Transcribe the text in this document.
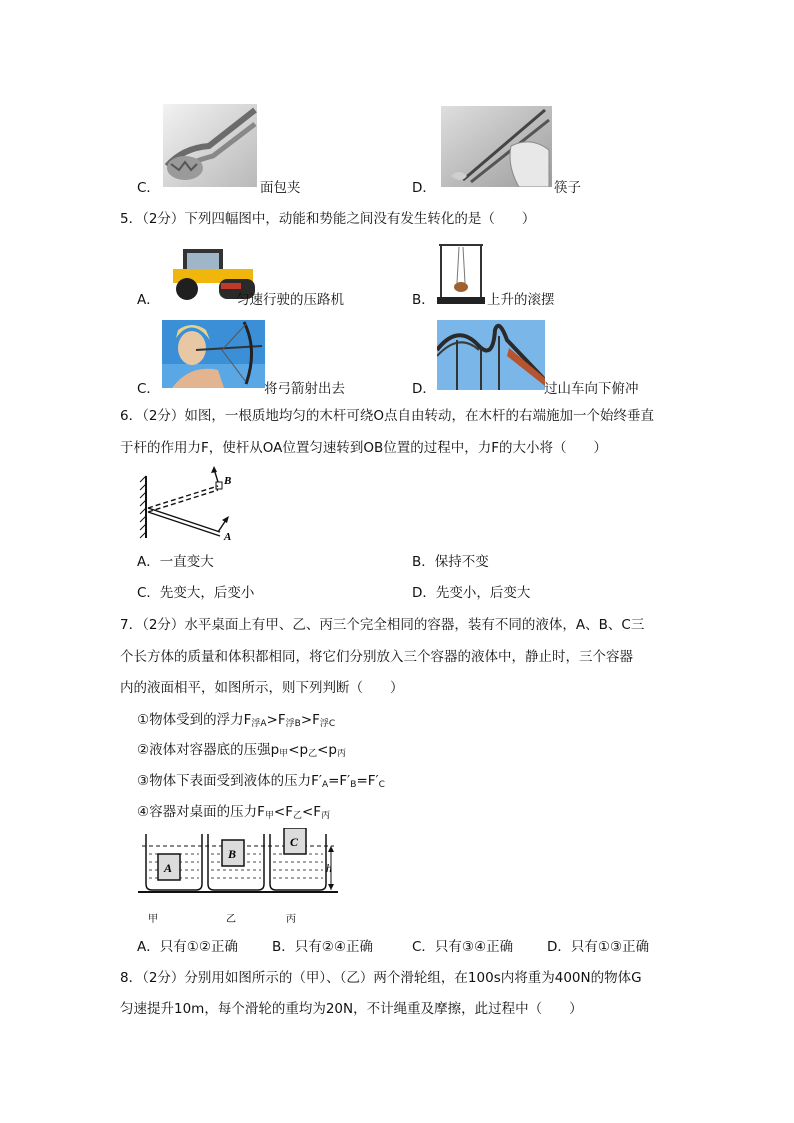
C．	面包夹	D．	筷子
5．（2分）下列四幅图中，动能和势能之间没有发生转化的是（　　）
A．	匀速行驶的压路机	B．	上升的滚摆
C．	将弓箭射出去	D．	过山车向下俯冲
6．（2分）如图，一根质地均匀的木杆可绕O点自由转动，在木杆的右端施加一个始终垂直
于杆的作用力F，使杆从OA位置匀速转到OB位置的过程中，力F的大小将（　　）
B
A
A．一直变大	B．保持不变
C．先变大，后变小	D．先变小，后变大
7．（2分）水平桌面上有甲、乙、丙三个完全相同的容器，装有不同的液体，A、B、C三
个长方体的质量和体积都相同，将它们分别放入三个容器的液体中，静止时，三个容器
内的液面相平，如图所示，则下列判断（　　）
①物体受到的浮力$F_{浮A}>F_{浮B}>F_{浮C}$
②液体对容器底的压强$p_甲<p_乙<p_丙$
③物体下表面受到液体的压力$F'_A=F'_B=F'_C$
④容器对桌面的压力$F_甲<F_乙<F_丙$
A
B
C
h
甲	乙	丙
A．只有①②正确	B．只有②④正确	C．只有③④正确	D．只有①③正确
8．（2分）分别用如图所示的（甲）、（乙）两个滑轮组，在100s内将重为400N的物体G
匀速提升10m，每个滑轮的重均为20N，不计绳重及摩擦，此过程中（　　）
